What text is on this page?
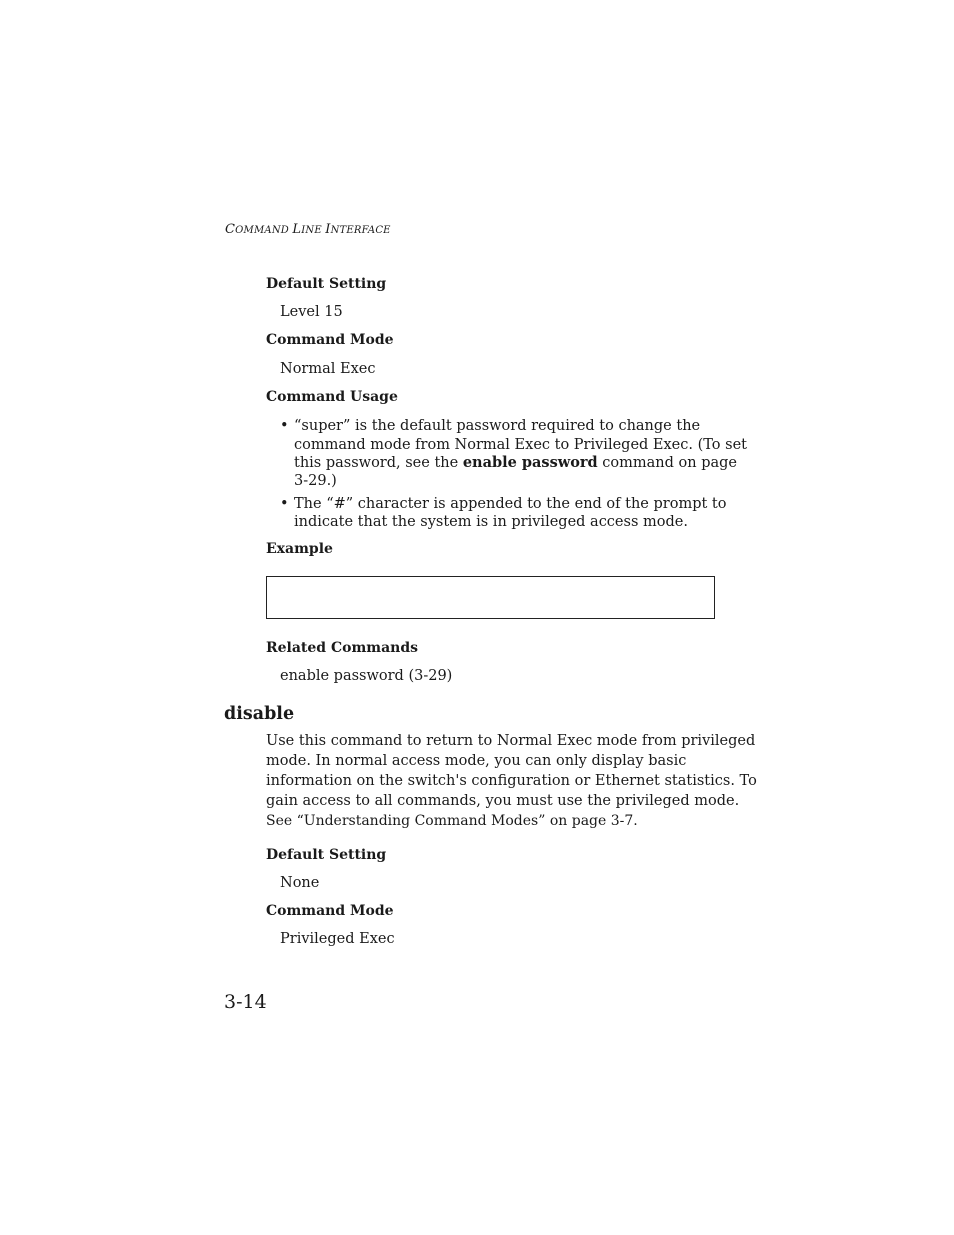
COMMAND LINE INTERFACE
Default Setting
Level 15
Command Mode
Normal Exec
Command Usage
• “super” is the default password required to change the
command mode from Normal Exec to Privileged Exec. (To set
this password, see the enable password command on page
3-29.)
• The “#” character is appended to the end of the prompt to
indicate that the system is in privileged access mode.
Example
Related Commands
enable password (3-29)
disable
Use this command to return to Normal Exec mode from privileged
mode. In normal access mode, you can only display basic
information on the switch's configuration or Ethernet statistics. To
gain access to all commands, you must use the privileged mode.
See “Understanding Command Modes” on page 3-7.
Default Setting
None
Command Mode
Privileged Exec
3-14
